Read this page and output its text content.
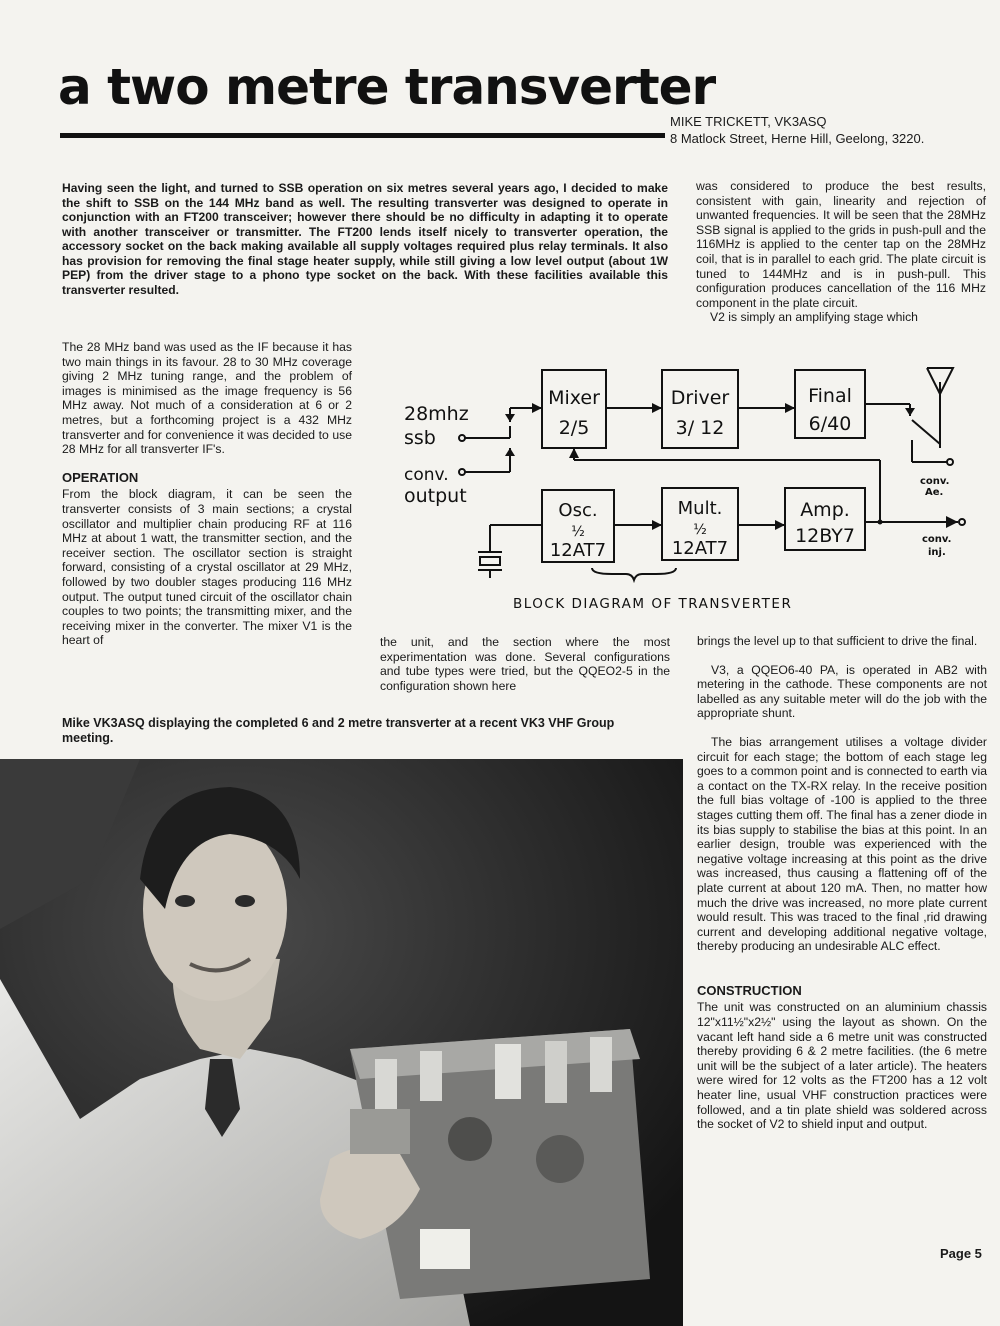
a two metre transverter
MIKE TRICKETT, VK3ASQ
8 Matlock Street, Herne Hill, Geelong, 3220.
Having seen the light, and turned to SSB operation on six metres several years ago, I decided to make the shift to SSB on the 144 MHz band as well. The resulting transverter was designed to operate in conjunction with an FT200 transceiver; however there should be no difficulty in adapting it to operate with another transceiver or transmitter. The FT200 lends itself nicely to transverter operation, the accessory socket on the back making available all supply voltages required plus relay terminals. It also has provision for removing the final stage heater supply, while still giving a low level output (about 1W PEP) from the driver stage to a phono type socket on the back. With these facilities available this transverter resulted.

was considered to produce the best results, consistent with gain, linearity and rejection of unwanted frequencies. It will be seen that the 28MHz SSB signal is applied to the grids in push-pull and the 116MHz is applied to the center tap on the 28MHz coil, that is in parallel to each grid. The plate circuit is tuned to 144MHz and is in push-pull. This configuration produces cancellation of the 116 MHz component in the plate circuit.

V2 is simply an amplifying stage which

The 28 MHz band was used as the IF because it has two main things in its favour. 28 to 30 MHz coverage giving 2 MHz tuning range, and the problem of images is minimised as the image frequency is 56 MHz away. Not much of a consideration at 6 or 2 metres, but a forthcoming project is a 432 MHz transverter and for convenience it was decided to use 28 MHz for all transverter IF's.

OPERATION

From the block diagram, it can be seen the transverter consists of 3 main sections; a crystal oscillator and multiplier chain producing RF at 116 MHz at about 1 watt, the transmitter section, and the receiver section. The oscillator section is straight forward, consisting of a crystal oscillator at 29 MHz, followed by two doubler stages producing 116 MHz output. The output tuned circuit of the oscillator chain couples to two points; the transmitting mixer, and the receiving mixer in the converter. The mixer V1 is the heart of

Mixer
2/5
Driver
3/ 12
Final
6/40
Osc.
½
12AT7
Mult.
½
12AT7
Amp.
12BY7
28mhz
ssb
conv.
output
conv.
Ae.
conv.
inj.
BLOCK DIAGRAM OF TRANSVERTER

the unit, and the section where the most experimentation was done. Several configurations and tube types were tried, but the QQEO2-5 in the configuration shown here

brings the level up to that sufficient to drive the final.

V3, a QQEO6-40 PA, is operated in AB2 with metering in the cathode. These components are not labelled as any suitable meter will do the job with the appropriate shunt.

The bias arrangement utilises a voltage divider circuit for each stage; the bottom of each stage leg goes to a common point and is connected to earth via a contact on the TX-RX relay. In the receive position the full bias voltage of -100 is applied to the three stages cutting them off. The final has a zener diode in its bias supply to stabilise the bias at this point. In an earlier design, trouble was experienced with the negative voltage increasing at this point as the drive was increased, thus causing a flattening off of the plate current at about 120 mA. Then, no matter how much the drive was increased, no more plate current would result. This was traced to the final ,rid drawing current and developing additional negative voltage, thereby producing an undesirable ALC effect.

CONSTRUCTION

The unit was constructed on an aluminium chassis 12"x11½"x2½" using the layout as shown. On the vacant left hand side a 6 metre unit was constructed thereby providing 6 & 2 metre facilities. (the 6 metre unit will be the subject of a later article). The heaters were wired for 12 volts as the FT200 has a 12 volt heater line, usual VHF construction practices were followed, and a tin plate shield was soldered across the socket of V2 to shield input and output.

Mike VK3ASQ displaying the completed 6 and 2 metre transverter at a recent VK3 VHF Group meeting.
Page 5
